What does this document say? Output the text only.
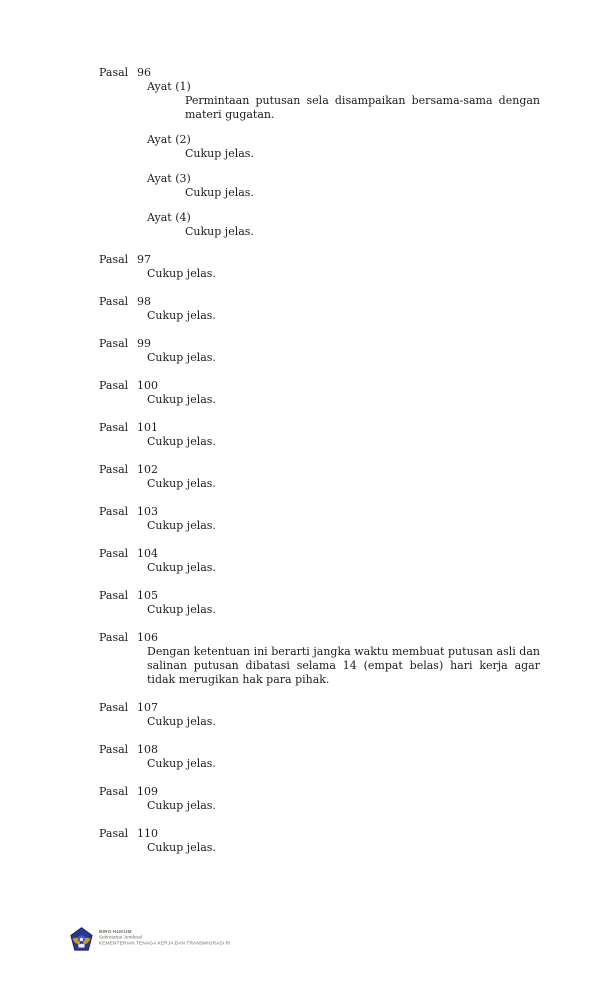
Pasal 96
Ayat (1)
Permintaan putusan sela disampaikan bersama-sama dengan materi gugatan.
Ayat (2)
Cukup jelas.
Ayat (3)
Cukup jelas.
Ayat (4)
Cukup jelas.
Pasal 97
Cukup jelas.
Pasal 98
Cukup jelas.
Pasal 99
Cukup jelas.
Pasal 100
Cukup jelas.
Pasal 101
Cukup jelas.
Pasal 102
Cukup jelas.
Pasal 103
Cukup jelas.
Pasal 104
Cukup jelas.
Pasal 105
Cukup jelas.
Pasal 106
Dengan ketentuan ini berarti jangka waktu membuat putusan asli dan salinan putusan dibatasi selama 14 (empat belas) hari kerja agar tidak merugikan hak para pihak.
Pasal 107
Cukup jelas.
Pasal 108
Cukup jelas.
Pasal 109
Cukup jelas.
Pasal 110
Cukup jelas.
BIRO HUKUM
Sekretariat Jenderal
KEMENTERIAN TENAGA KERJA DAN TRANSMIGRASI RI
